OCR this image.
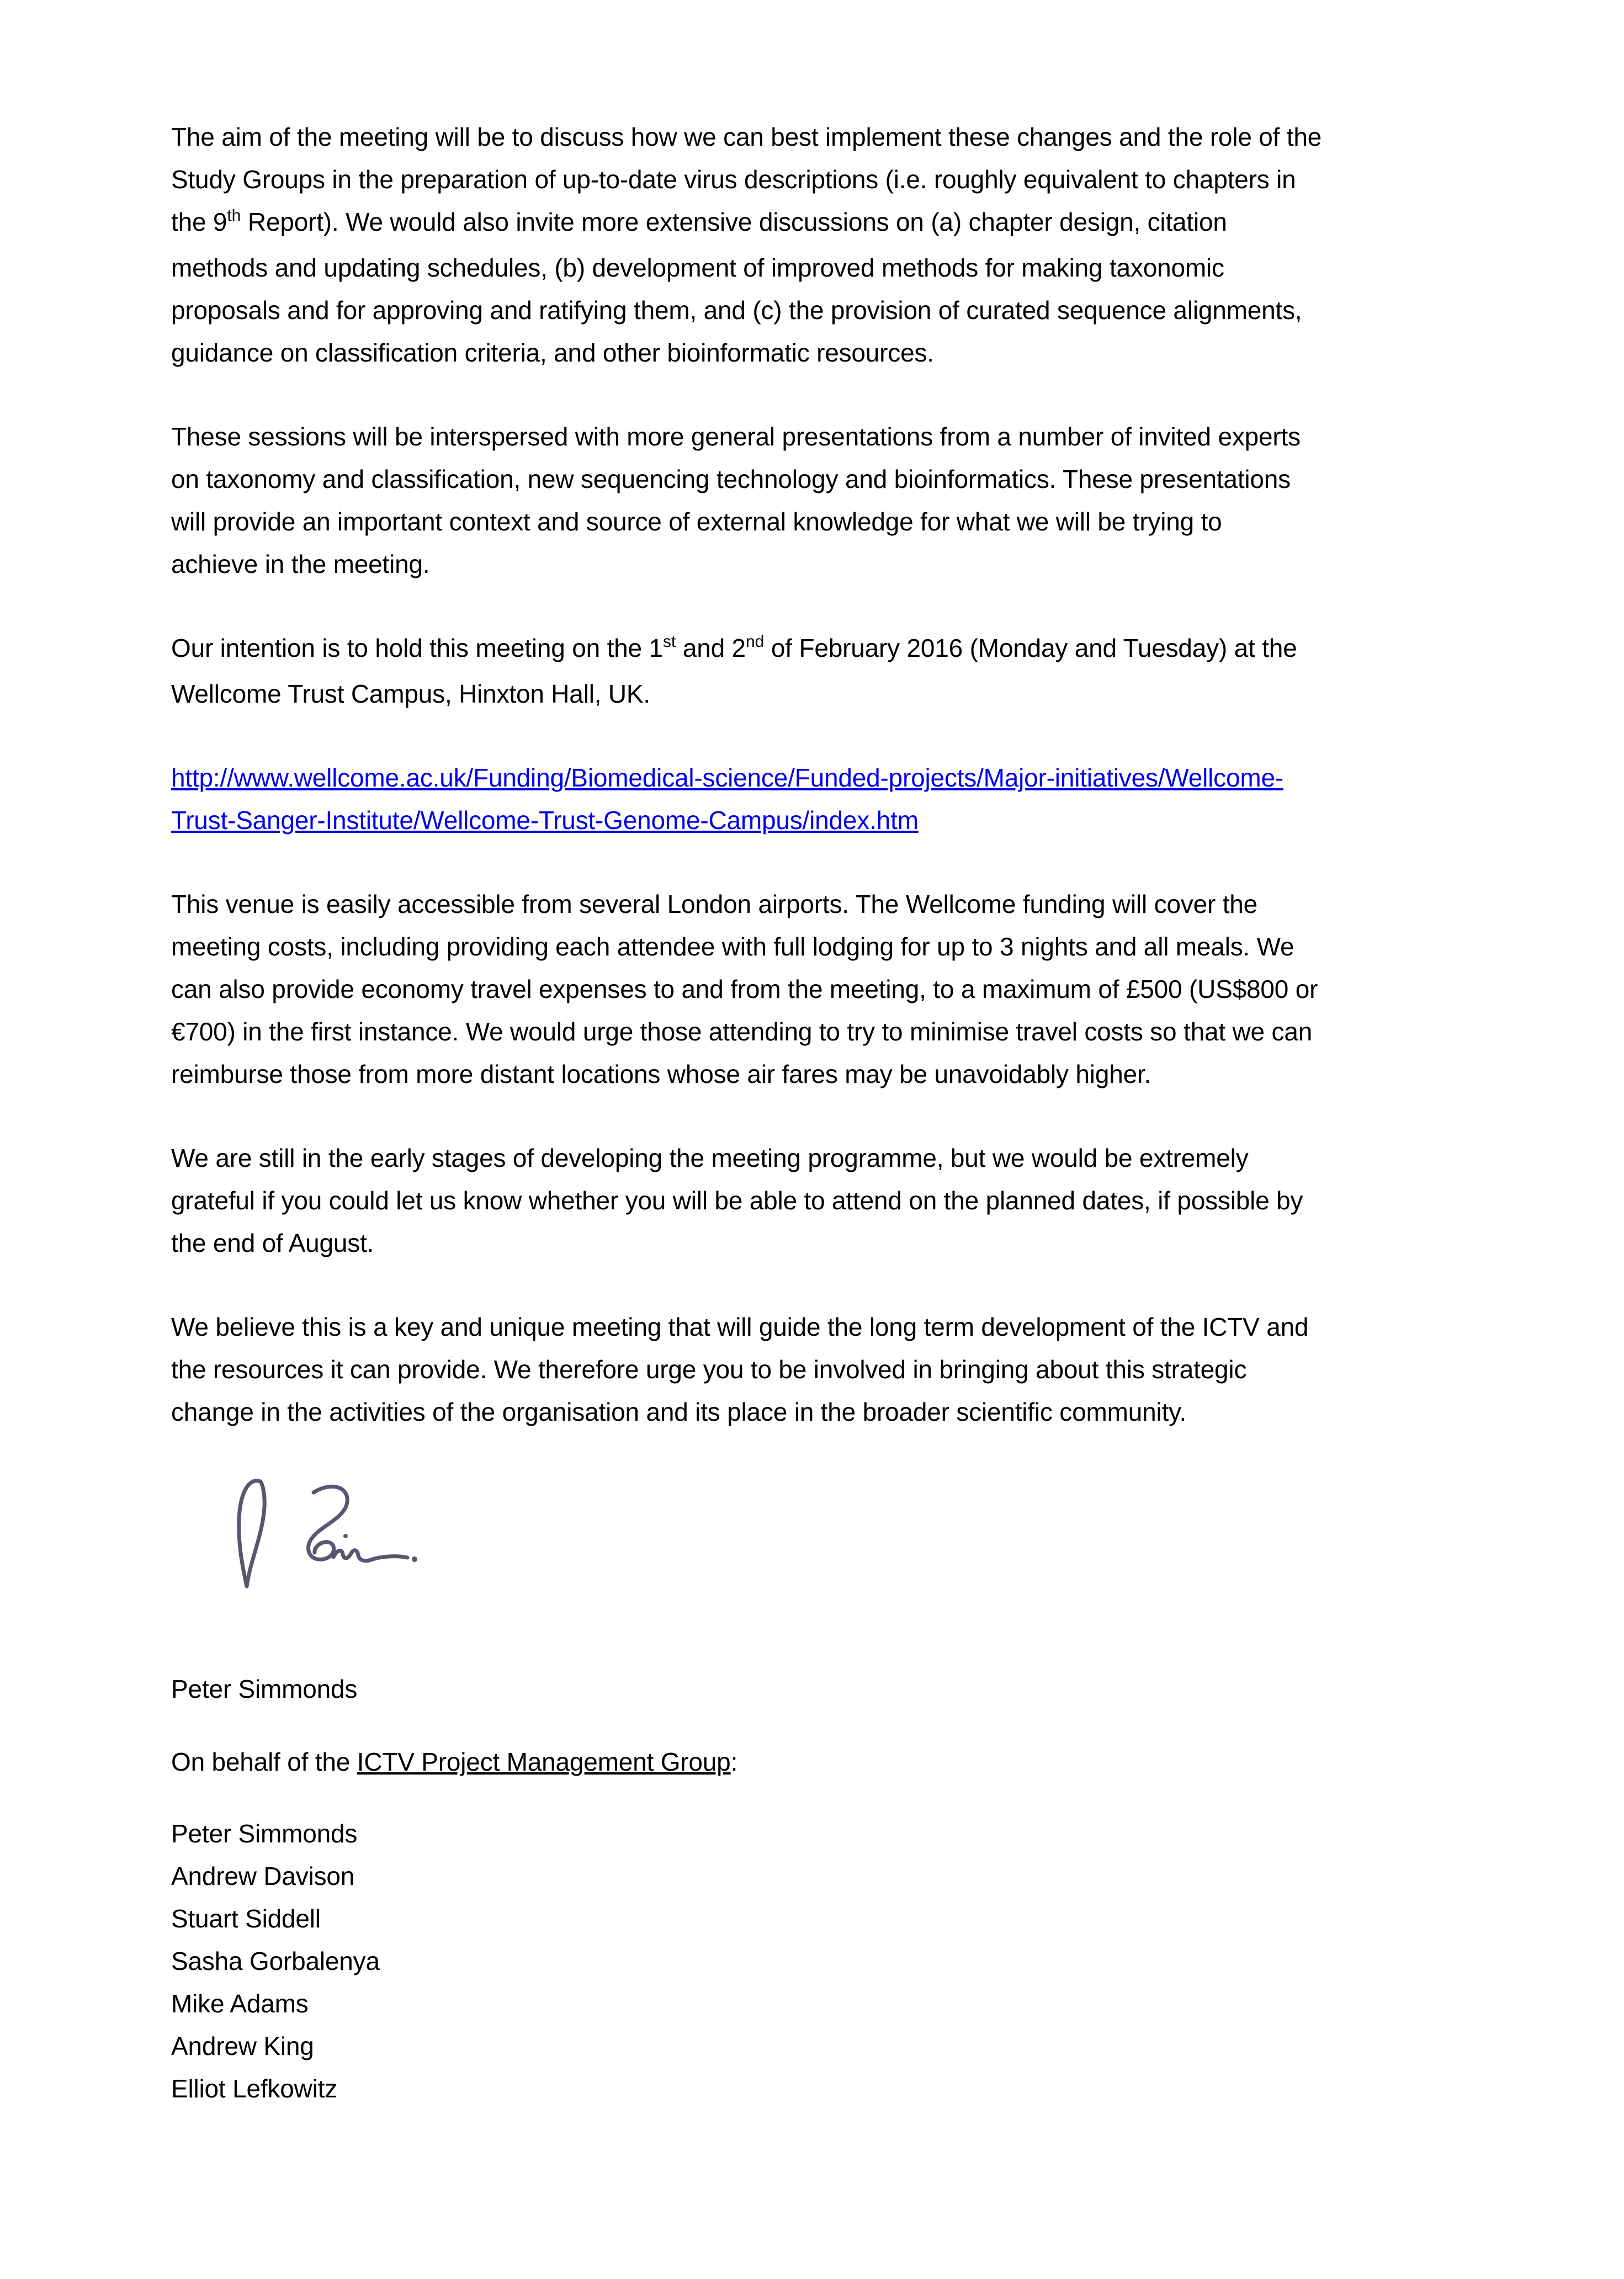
The aim of the meeting will be to discuss how we can best implement these changes and the role of the
Study Groups in the preparation of up-to-date virus descriptions (i.e. roughly equivalent to chapters in
the 9th Report). We would also invite more extensive discussions on (a) chapter design, citation
methods and updating schedules, (b) development of improved methods for making taxonomic
proposals and for approving and ratifying them, and (c) the provision of curated sequence alignments,
guidance on classification criteria, and other bioinformatic resources.
These sessions will be interspersed with more general presentations from a number of invited experts
on taxonomy and classification, new sequencing technology and bioinformatics. These presentations
will provide an important context and source of external knowledge for what we will be trying to
achieve in the meeting.
Our intention is to hold this meeting on the 1st and 2nd of February 2016 (Monday and Tuesday) at the
Wellcome Trust Campus, Hinxton Hall, UK.
http://www.wellcome.ac.uk/Funding/Biomedical-science/Funded-projects/Major-initiatives/Wellcome-
Trust-Sanger-Institute/Wellcome-Trust-Genome-Campus/index.htm
This venue is easily accessible from several London airports. The Wellcome funding will cover the
meeting costs, including providing each attendee with full lodging for up to 3 nights and all meals. We
can also provide economy travel expenses to and from the meeting, to a maximum of £500 (US$800 or
€700) in the first instance. We would urge those attending to try to minimise travel costs so that we can
reimburse those from more distant locations whose air fares may be unavoidably higher.
We are still in the early stages of developing the meeting programme, but we would be extremely
grateful if you could let us know whether you will be able to attend on the planned dates, if possible by
the end of August.
We believe this is a key and unique meeting that will guide the long term development of the ICTV and
the resources it can provide. We therefore urge you to be involved in bringing about this strategic
change in the activities of the organisation and its place in the broader scientific community.
Peter Simmonds
On behalf of the ICTV Project Management Group:
Peter Simmonds
Andrew Davison
Stuart Siddell
Sasha Gorbalenya
Mike Adams
Andrew King
Elliot Lefkowitz
